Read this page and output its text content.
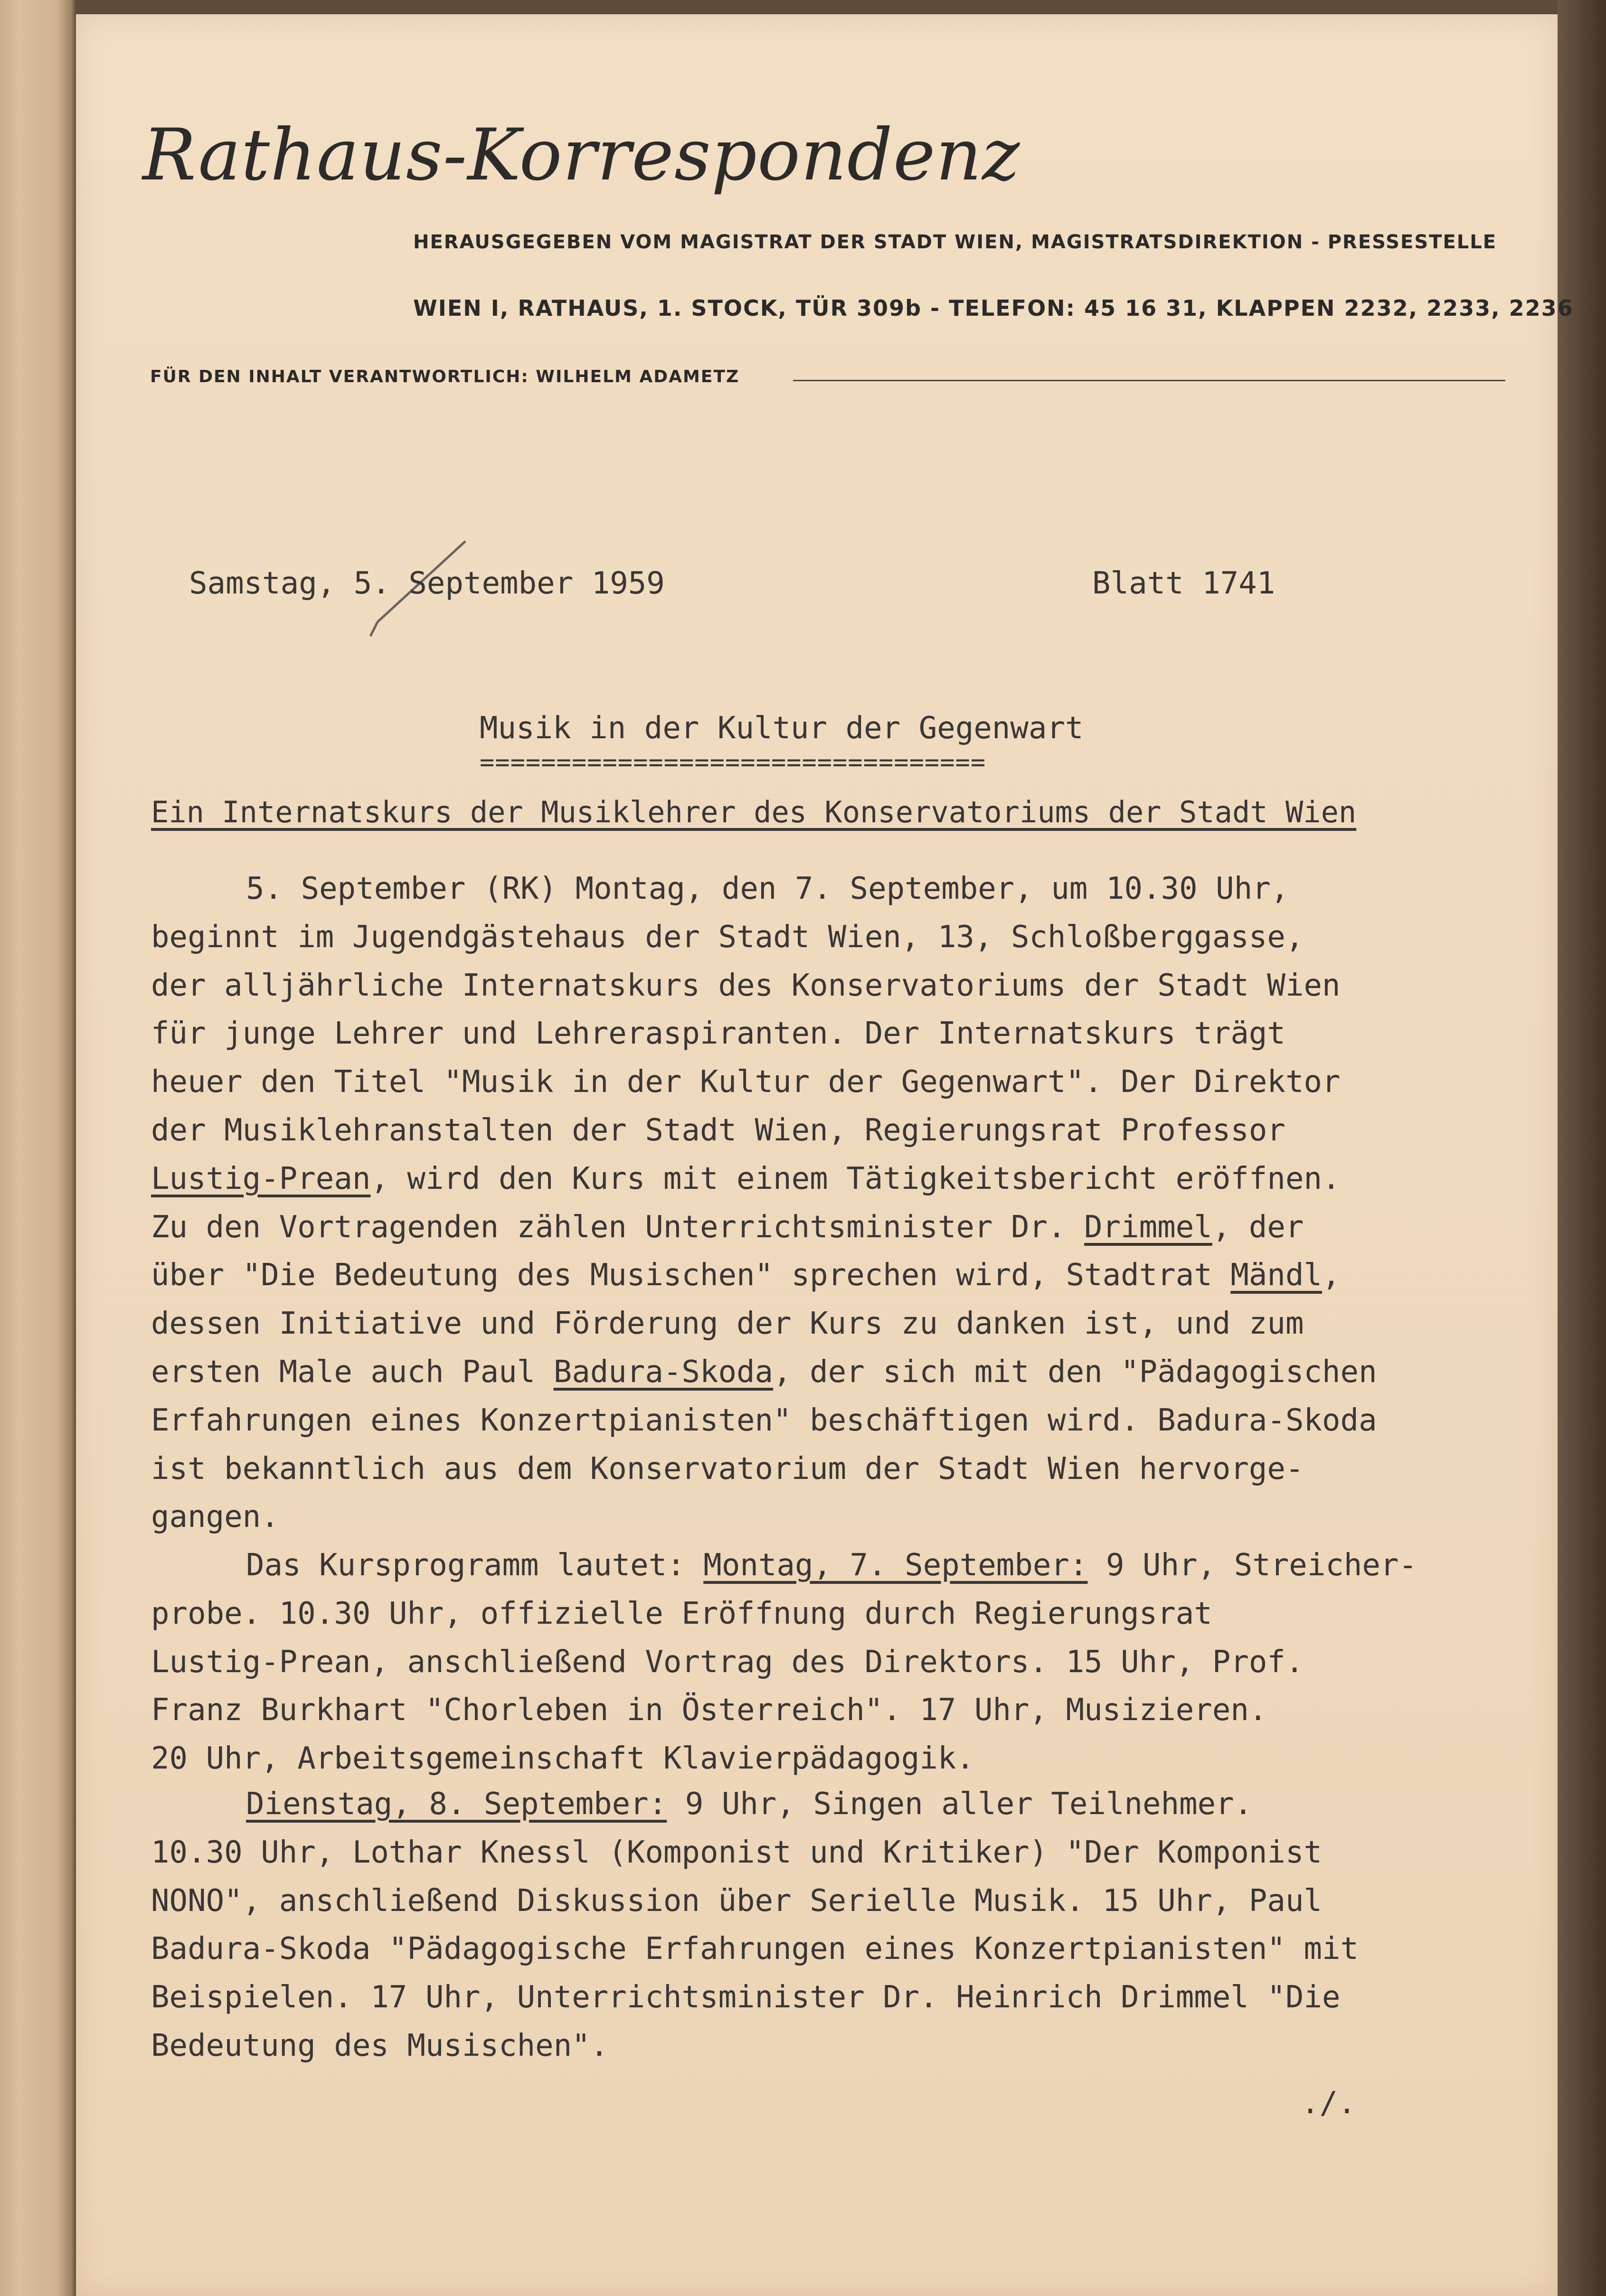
Rathaus-Korrespondenz
HERAUSGEGEBEN VOM MAGISTRAT DER STADT WIEN, MAGISTRATSDIREKTION - PRESSESTELLE
WIEN I, RATHAUS, 1. STOCK, TÜR 309b - TELEFON: 45 16 31, KLAPPEN 2232, 2233, 2236
FÜR DEN INHALT VERANTWORTLICH: WILHELM ADAMETZ
Samstag, 5. September 1959	Blatt 1741
Musik in der Kultur der Gegenwart
=================================
Ein Internatskurs der Musiklehrer des Konservatoriums der Stadt Wien
5. September (RK) Montag, den 7. September, um 10.30 Uhr,
beginnt im Jugendgästehaus der Stadt Wien, 13, Schloßberggasse,
der alljährliche Internatskurs des Konservatoriums der Stadt Wien
für junge Lehrer und Lehreraspiranten. Der Internatskurs trägt
heuer den Titel "Musik in der Kultur der Gegenwart". Der Direktor
der Musiklehranstalten der Stadt Wien, Regierungsrat Professor
Lustig-Prean, wird den Kurs mit einem Tätigkeitsbericht eröffnen.
Zu den Vortragenden zählen Unterrichtsminister Dr. Drimmel, der
über "Die Bedeutung des Musischen" sprechen wird, Stadtrat Mändl,
dessen Initiative und Förderung der Kurs zu danken ist, und zum
ersten Male auch Paul Badura-Skoda, der sich mit den "Pädagogischen
Erfahrungen eines Konzertpianisten" beschäftigen wird. Badura-Skoda
ist bekanntlich aus dem Konservatorium der Stadt Wien hervorge-
gangen.
Das Kursprogramm lautet: Montag, 7. September: 9 Uhr, Streicher-
probe. 10.30 Uhr, offizielle Eröffnung durch Regierungsrat
Lustig-Prean, anschließend Vortrag des Direktors. 15 Uhr, Prof.
Franz Burkhart "Chorleben in Österreich". 17 Uhr, Musizieren.
20 Uhr, Arbeitsgemeinschaft Klavierpädagogik.
Dienstag, 8. September: 9 Uhr, Singen aller Teilnehmer.
10.30 Uhr, Lothar Knessl (Komponist und Kritiker) "Der Komponist
NONO", anschließend Diskussion über Serielle Musik. 15 Uhr, Paul
Badura-Skoda "Pädagogische Erfahrungen eines Konzertpianisten" mit
Beispielen. 17 Uhr, Unterrichtsminister Dr. Heinrich Drimmel "Die
Bedeutung des Musischen".
./.
